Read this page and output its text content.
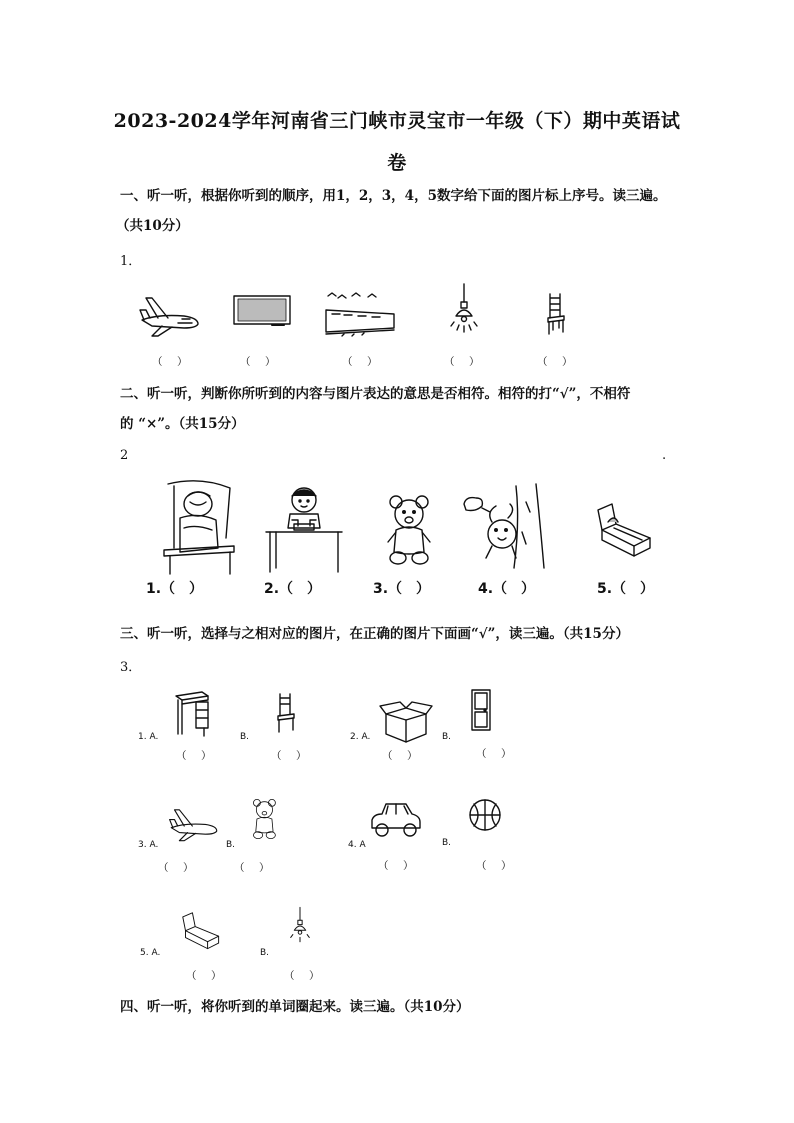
2023-2024学年河南省三门峡市灵宝市一年级（下）期中英语试
卷
一、听一听，根据你听到的顺序，用1，2，3，4，5数字给下面的图片标上序号。读三遍。
（共10分）
1．
（　）	（　）	（　）	（　）	（　）
二、听一听，判断你所听到的内容与图片表达的意思是否相符。相符的打“√”，不相符
的 “×”。（共15分）
2	.
1.（　）	2.（　）	3.（　）	4.（　）	5.（　）
三、听一听，选择与之相对应的图片，在正确的图片下面画“√”，读三遍。（共15分）
3．
1. A.	B.	2. A.	B.
（　）	（　）	（　）	（　）
3. A.	B.	4. A	B.
（　）	（　）	（　）	（　）
5. A.	B.
（　）	（　）
四、听一听，将你听到的单词圈起来。读三遍。（共10分）
